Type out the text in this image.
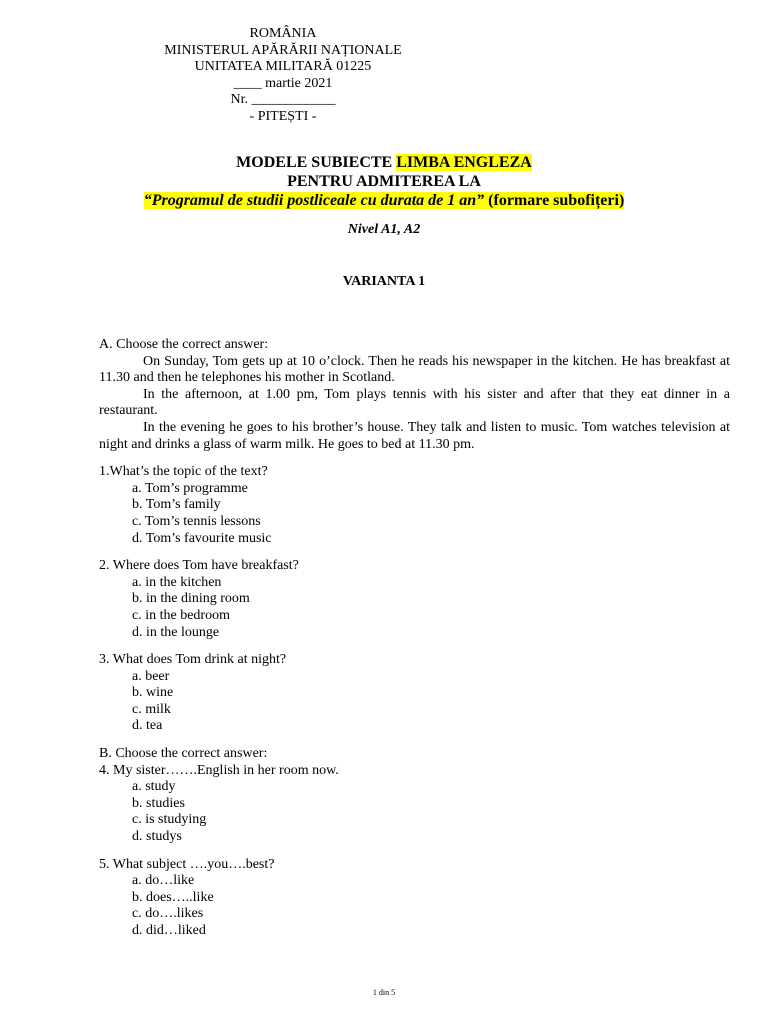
ROMÂNIA
MINISTERUL APĂRĂRII NAȚIONALE
UNITATEA MILITARĂ 01225
____ martie 2021
Nr. ____________
- PITEȘTI -
MODELE SUBIECTE LIMBA ENGLEZA
PENTRU ADMITEREA LA
“Programul de studii postliceale cu durata de 1 an” (formare subofițeri)
Nivel A1, A2
VARIANTA 1
A. Choose the correct answer:
On Sunday, Tom gets up at 10 o’clock. Then he reads his newspaper in the kitchen. He has breakfast at 11.30 and then he telephones his mother in Scotland.
In the afternoon, at 1.00 pm, Tom plays tennis with his sister and after that they eat dinner in a restaurant.
In the evening he goes to his brother’s house. They talk and listen to music. Tom watches television at night and drinks a glass of warm milk. He goes to bed at 11.30 pm.
1.What’s the topic of the text?
a. Tom’s programme
b. Tom’s family
c. Tom’s tennis lessons
d. Tom’s favourite music
2. Where does Tom have breakfast?
a. in the kitchen
b. in the dining room
c. in the bedroom
d. in the lounge
3. What does Tom drink at night?
a. beer
b. wine
c. milk
d. tea
B. Choose the correct answer:
4. My sister…….English in her room now.
a. study
b. studies
c. is studying
d. studys
5. What subject ….you….best?
a. do…like
b. does…..like
c. do….likes
d. did…liked
1 din 5
